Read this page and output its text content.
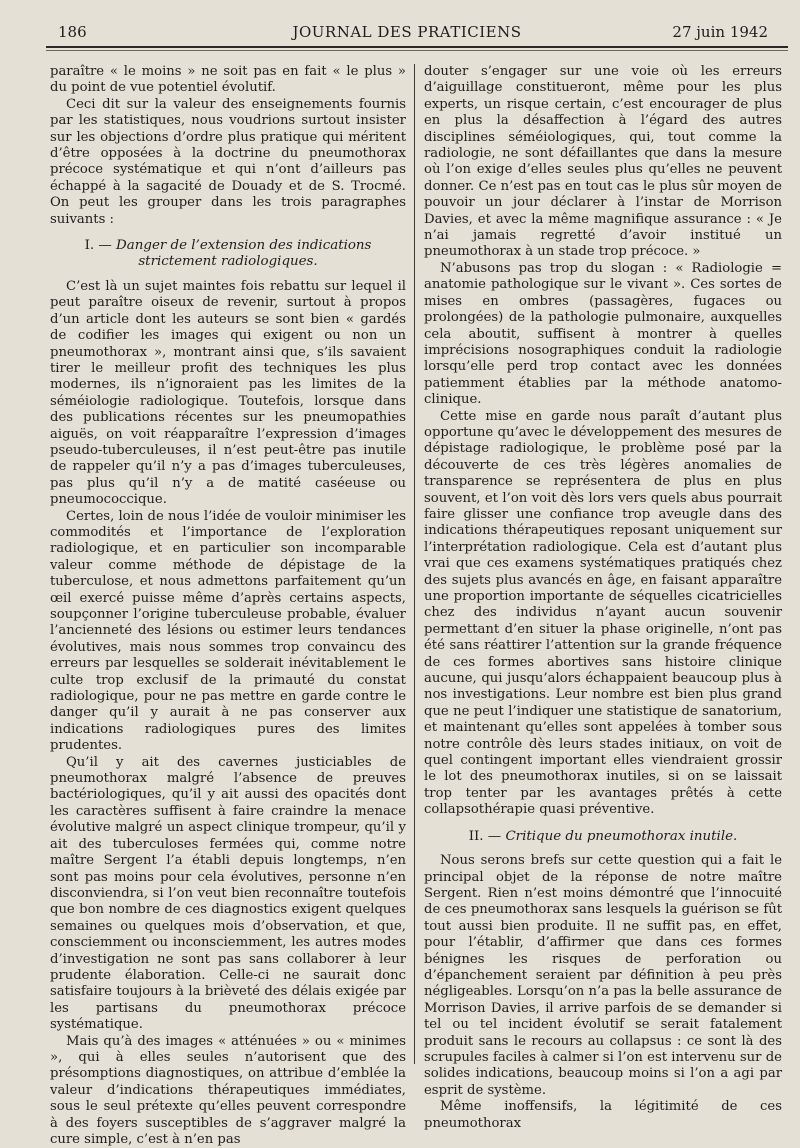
186	JOURNAL DES PRATICIENS	27 juin 1942

paraître « le moins » ne soit pas en fait « le plus » du point de vue potentiel évolutif.

Ceci dit sur la valeur des enseignements fournis par les statistiques, nous voudrions surtout insister sur les objections d’ordre plus pratique qui méritent d’être opposées à la doctrine du pneumothorax précoce systématique et qui n’ont d’ailleurs pas échappé à la sagacité de Douady et de S. Trocmé. On peut les grouper dans les trois paragraphes suivants :

I. — Danger de l’extension des indications strictement radiologiques.

C’est là un sujet maintes fois rebattu sur lequel il peut paraître oiseux de revenir, surtout à propos d’un article dont les auteurs se sont bien « gardés de codifier les images qui exigent ou non un pneumothorax », montrant ainsi que, s’ils savaient tirer le meilleur profit des techniques les plus modernes, ils n’ignoraient pas les limites de la séméiologie radiologique. Toutefois, lorsque dans des publications récentes sur les pneumopathies aiguës, on voit réapparaître l’expression d’images pseudo-tuberculeuses, il n’est peut-être pas inutile de rappeler qu’il n’y a pas d’images tuberculeuses, pas plus qu’il n’y a de matité caséeuse ou pneumococcique.

Certes, loin de nous l’idée de vouloir minimiser les commodités et l’importance de l’exploration radiologique, et en particulier son incomparable valeur comme méthode de dépistage de la tuberculose, et nous admettons parfaitement qu’un œil exercé puisse même d’après certains aspects, soupçonner l’origine tuberculeuse probable, évaluer l’ancienneté des lésions ou estimer leurs tendances évolutives, mais nous sommes trop convaincu des erreurs par lesquelles se solderait inévitablement le culte trop exclusif de la primauté du constat radiologique, pour ne pas mettre en garde contre le danger qu’il y aurait à ne pas conserver aux indications radiologiques pures des limites prudentes.

Qu’il y ait des cavernes justiciables de pneumothorax malgré l’absence de preuves bactériologiques, qu’il y ait aussi des opacités dont les caractères suffisent à faire craindre la menace évolutive malgré un aspect clinique trompeur, qu’il y ait des tuberculoses fermées qui, comme notre maître Sergent l’a établi depuis longtemps, n’en sont pas moins pour cela évolutives, personne n’en disconviendra, si l’on veut bien reconnaître toutefois que bon nombre de ces diagnostics exigent quelques semaines ou quelques mois d’observation, et que, consciemment ou inconsciemment, les autres modes d’investigation ne sont pas sans collaborer à leur prudente élaboration. Celle-ci ne saurait donc satisfaire toujours à la brièveté des délais exigée par les partisans du pneumothorax précoce systématique.

Mais qu’à des images « atténuées » ou « minimes », qui à elles seules n’autorisent que des présomptions diagnostiques, on attribue d’emblée la valeur d’indications thérapeutiques immédiates, sous le seul prétexte qu’elles peuvent correspondre à des foyers susceptibles de s’aggraver malgré la cure simple, c’est à n’en pas

douter s’engager sur une voie où les erreurs d’aiguillage constitueront, même pour les plus experts, un risque certain, c’est encourager de plus en plus la désaffection à l’égard des autres disciplines séméiologiques, qui, tout comme la radiologie, ne sont défaillantes que dans la mesure où l’on exige d’elles seules plus qu’elles ne peuvent donner. Ce n’est pas en tout cas le plus sûr moyen de pouvoir un jour déclarer à l’instar de Morrison Davies, et avec la même magnifique assurance : « Je n’ai jamais regretté d’avoir institué un pneumothorax à un stade trop précoce. »

N’abusons pas trop du slogan : « Radiologie = anatomie pathologique sur le vivant ». Ces sortes de mises en ombres (passagères, fugaces ou prolongées) de la pathologie pulmonaire, auxquelles cela aboutit, suffisent à montrer à quelles imprécisions nosographiques conduit la radiologie lorsqu’elle perd trop contact avec les données patiemment établies par la méthode anatomo-clinique.

Cette mise en garde nous paraît d’autant plus opportune qu’avec le développement des mesures de dépistage radiologique, le problème posé par la découverte de ces très légères anomalies de transparence se représentera de plus en plus souvent, et l’on voit dès lors vers quels abus pourrait faire glisser une confiance trop aveugle dans des indications thérapeutiques reposant uniquement sur l’interprétation radiologique. Cela est d’autant plus vrai que ces examens systématiques pratiqués chez des sujets plus avancés en âge, en faisant apparaître une proportion importante de séquelles cicatricielles chez des individus n’ayant aucun souvenir permettant d’en situer la phase originelle, n’ont pas été sans réattirer l’attention sur la grande fréquence de ces formes abortives sans histoire clinique aucune, qui jusqu’alors échappaient beaucoup plus à nos investigations. Leur nombre est bien plus grand que ne peut l’indiquer une statistique de sanatorium, et maintenant qu’elles sont appelées à tomber sous notre contrôle dès leurs stades initiaux, on voit de quel contingent important elles viendraient grossir le lot des pneumothorax inutiles, si on se laissait trop tenter par les avantages prêtés à cette collapsothérapie quasi préventive.

II. — Critique du pneumothorax inutile.

Nous serons brefs sur cette question qui a fait le principal objet de la réponse de notre maître Sergent. Rien n’est moins démontré que l’innocuité de ces pneumothorax sans lesquels la guérison se fût tout aussi bien produite. Il ne suffit pas, en effet, pour l’établir, d’affirmer que dans ces formes bénignes les risques de perforation ou d’épanchement seraient par définition à peu près négligeables. Lorsqu’on n’a pas la belle assurance de Morrison Davies, il arrive parfois de se demander si tel ou tel incident évolutif se serait fatalement produit sans le recours au collapsus : ce sont là des scrupules faciles à calmer si l’on est intervenu sur de solides indications, beaucoup moins si l’on a agi par esprit de système.

Même inoffensifs, la légitimité de ces pneumothorax
